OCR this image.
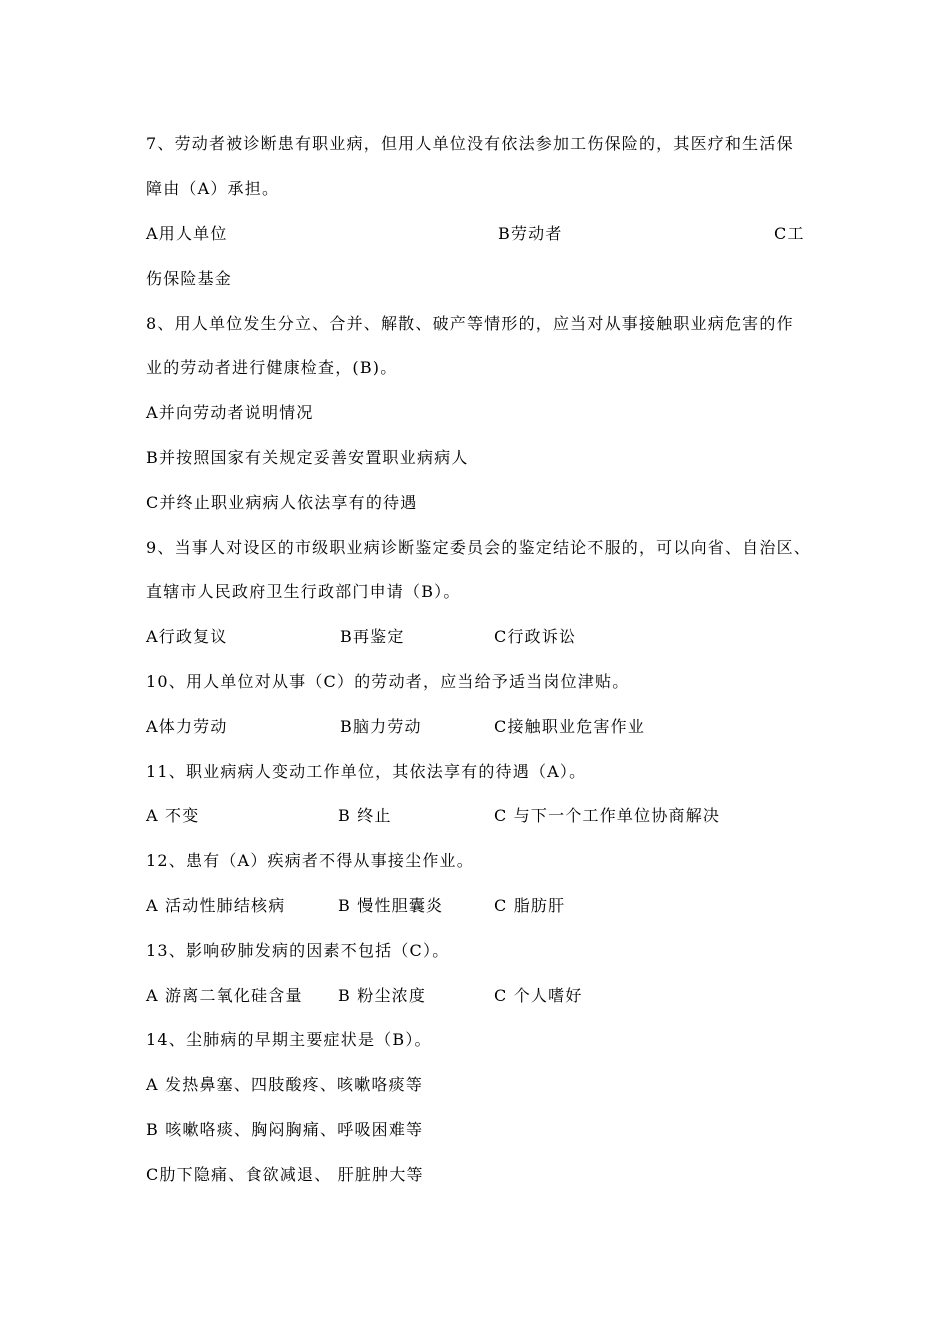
7、劳动者被诊断患有职业病，但用人单位没有依法参加工伤保险的，其医疗和生活保
障由（A）承担。
A用人单位	B劳动者	C工
伤保险基金
8、用人单位发生分立、合并、解散、破产等情形的，应当对从事接触职业病危害的作
业的劳动者进行健康检查，(B)。
A并向劳动者说明情况
B并按照国家有关规定妥善安置职业病病人
C并终止职业病病人依法享有的待遇
9、当事人对设区的市级职业病诊断鉴定委员会的鉴定结论不服的，可以向省、自治区、
直辖市人民政府卫生行政部门申请（B）。
A行政复议	B再鉴定	C行政诉讼
10、用人单位对从事（C）的劳动者，应当给予适当岗位津贴。
A体力劳动	B脑力劳动	C接触职业危害作业
11、职业病病人变动工作单位，其依法享有的待遇（A）。
A 不变	B 终止	C 与下一个工作单位协商解决
12、患有（A）疾病者不得从事接尘作业。
A 活动性肺结核病	B 慢性胆囊炎	C 脂肪肝
13、影响矽肺发病的因素不包括（C）。
A 游离二氧化硅含量 B 粉尘浓度	C 个人嗜好
14、尘肺病的早期主要症状是（B）。
A 发热鼻塞、四肢酸疼、咳嗽咯痰等
B 咳嗽咯痰、胸闷胸痛、呼吸困难等
C肋下隐痛、食欲减退、 肝脏肿大等
